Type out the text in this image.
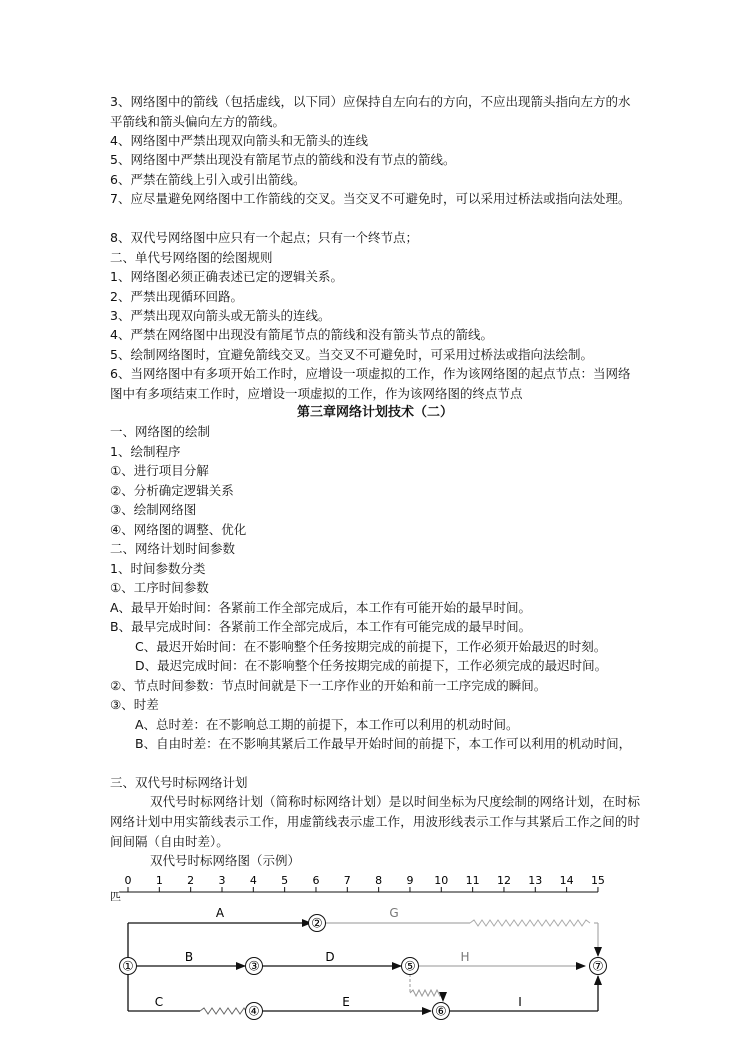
3、网络图中的箭线（包括虚线，以下同）应保持自左向右的方向，不应出现箭头指向左方的水平箭线和箭头偏向左方的箭线。
4、网络图中严禁出现双向箭头和无箭头的连线
5、网络图中严禁出现没有箭尾节点的箭线和没有节点的箭线。
6、严禁在箭线上引入或引出箭线。
7、应尽量避免网络图中工作箭线的交叉。当交叉不可避免时，可以采用过桥法或指向法处理。
8、双代号网络图中应只有一个起点；只有一个终节点；
二、单代号网络图的绘图规则
1、网络图必须正确表述已定的逻辑关系。
2、严禁出现循环回路。
3、严禁出现双向箭头或无箭头的连线。
4、严禁在网络图中出现没有箭尾节点的箭线和没有箭头节点的箭线。
5、绘制网络图时，宜避免箭线交叉。当交叉不可避免时，可采用过桥法或指向法绘制。
6、当网络图中有多项开始工作时，应增设一项虚拟的工作，作为该网络图的起点节点：当网络图中有多项结束工作时，应增设一项虚拟的工作，作为该网络图的终点节点
第三章网络计划技术（二）
一、网络图的绘制
1、绘制程序
①、进行项目分解
②、分析确定逻辑关系
③、绘制网络图
④、网络图的调整、优化
二、网络计划时间参数
1、时间参数分类
①、工序时间参数
A、最早开始时间：各紧前工作全部完成后，本工作有可能开始的最早时间。
B、最早完成时间：各紧前工作全部完成后，本工作有可能完成的最早时间。
C、最迟开始时间：在不影响整个任务按期完成的前提下，工作必须开始最迟的时刻。
D、最迟完成时间：在不影响整个任务按期完成的前提下，工作必须完成的最迟时间。
②、节点时间参数：节点时间就是下一工序作业的开始和前一工序完成的瞬间。
③、时差
A、总时差：在不影响总工期的前提下，本工作可以利用的机动时间。
B、自由时差：在不影响其紧后工作最早开始时间的前提下，本工作可以利用的机动时间，
三、双代号时标网络计划
双代号时标网络计划（简称时标网络计划）是以时间坐标为尺度绘制的网络计划，在时标网络计划中用实箭线表示工作，用虚箭线表示虚工作，用波形线表示工作与其紧后工作之间的时间间隔（自由时差）。
双代号时标网络图（示例）
匹
0 1 2 3 4 5 6 7 8 9 10 11 12 13 14 15
①
②
③
④
⑤
⑥
⑦
A	G
B	D	H
C	E	I
